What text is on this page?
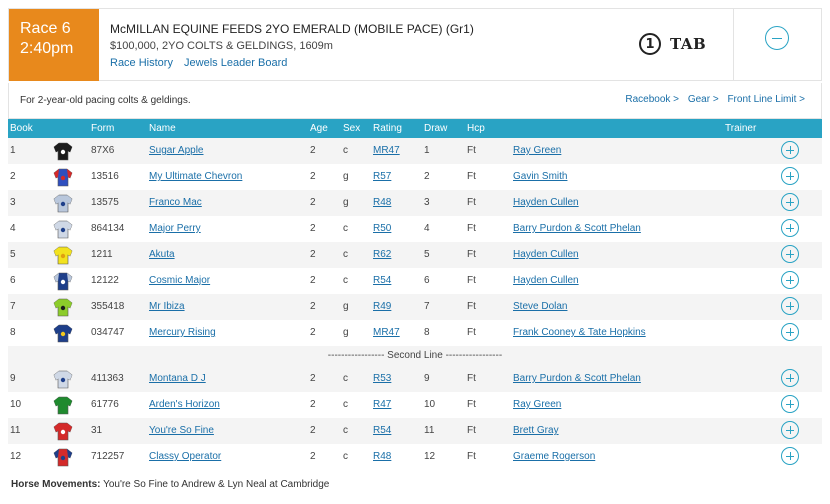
Race 6
2:40pm
McMILLAN EQUINE FEEDS 2YO EMERALD (MOBILE PACE) (Gr1)
$100,000, 2YO COLTS & GELDINGS, 1609m
Race History Jewels Leader Board
1	TAB
For 2-year-old pacing colts & geldings.	Racebook > Gear > Front Line Limit >
Book	Form	Name	Age Sex Rating Draw Hcp	Trainer
1	87X6	Sugar Apple	2	c	MR47 1	Ft	Ray Green
2	13516	My Ultimate Chevron	2	g R57	2	Ft	Gavin Smith
3	13575	Franco Mac	2	g R48	3	Ft	Hayden Cullen
4	864134 Major Perry	2	c	R50	4	Ft	Barry Purdon & Scott Phelan
5	1211	Akuta	2	c	R62	5	Ft	Hayden Cullen
6	12122	Cosmic Major	2	c	R54	6	Ft	Hayden Cullen
7	355418 Mr Ibiza	2	g R49	7	Ft	Steve Dolan
8	034747 Mercury Rising	2	g MR47 8	Ft	Frank Cooney & Tate Hopkins
----------------- Second Line -----------------
9	411363	Montana D J	2	c	R53	9	Ft	Barry Purdon & Scott Phelan
10	61776	Arden's Horizon	2	c	R47	10	Ft	Ray Green
11	31	You're So Fine	2	c	R54	11	Ft	Brett Gray
12	712257 Classy Operator	2	c	R48	12	Ft	Graeme Rogerson
Horse Movements: You're So Fine to Andrew & Lyn Neal at Cambridge
